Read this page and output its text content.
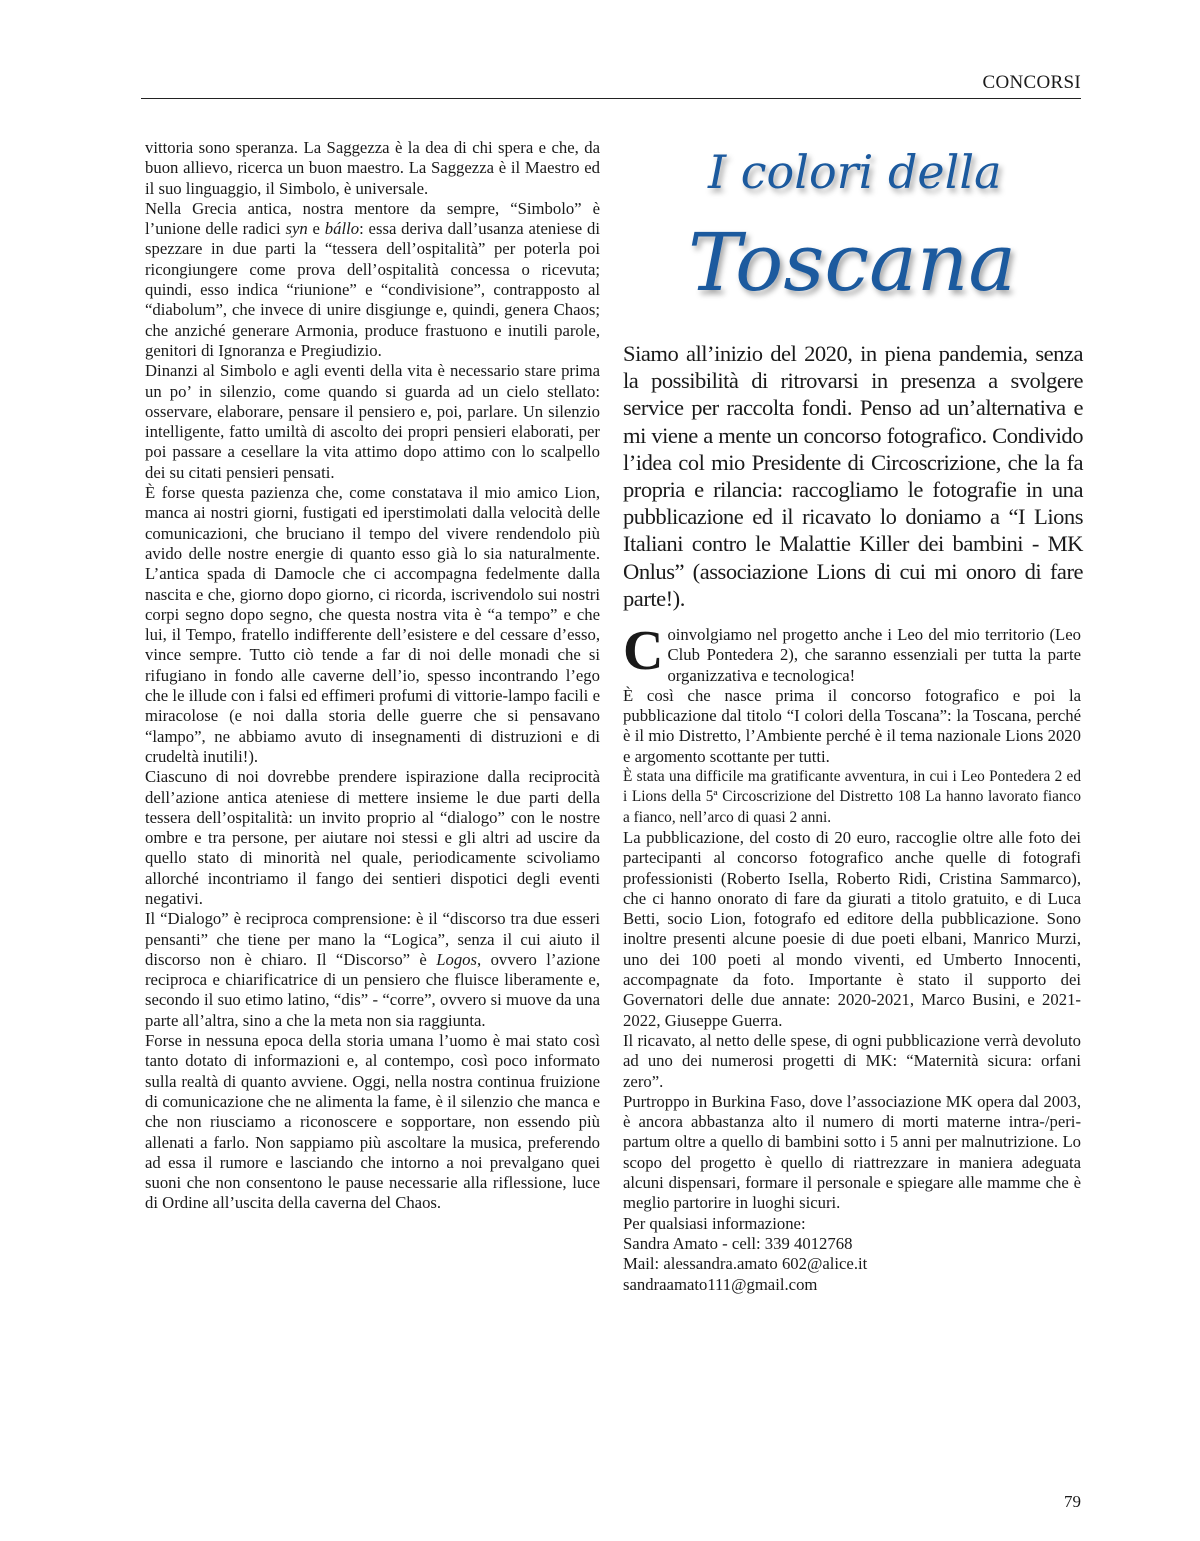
CONCORSI

vittoria sono speranza. La Saggezza è la dea di chi spera e che, da buon allievo, ricerca un buon maestro. La Saggezza è il Maestro ed il suo linguaggio, il Simbolo, è universale.

Nella Grecia antica, nostra mentore da sempre, “Simbolo” è l’unione delle radici syn e bállo: essa deriva dall’usanza ateniese di spezzare in due parti la “tessera dell’ospitalità” per poterla poi ricongiungere come prova dell’ospitalità concessa o ricevuta; quindi, esso indica “riunione” e “condivisione”, contrapposto al “diabolum”, che invece di unire disgiunge e, quindi, genera Chaos; che anziché generare Armonia, produce frastuono e inutili parole, genitori di Ignoranza e Pregiudizio.

Dinanzi al Simbolo e agli eventi della vita è necessario stare prima un po’ in silenzio, come quando si guarda ad un cielo stellato: osservare, elaborare, pensare il pensiero e, poi, parlare. Un silenzio intelligente, fatto umiltà di ascolto dei propri pensieri elaborati, per poi passare a cesellare la vita attimo dopo attimo con lo scalpello dei su citati pensieri pensati.

È forse questa pazienza che, come constatava il mio amico Lion, manca ai nostri giorni, fustigati ed iperstimolati dalla velocità delle comunicazioni, che bruciano il tempo del vivere rendendolo più avido delle nostre energie di quanto esso già lo sia naturalmente. L’antica spada di Damocle che ci accompagna fedelmente dalla nascita e che, giorno dopo giorno, ci ricorda, iscrivendolo sui nostri corpi segno dopo segno, che questa nostra vita è “a tempo” e che lui, il Tempo, fratello indifferente dell’esistere e del cessare d’esso, vince sempre. Tutto ciò tende a far di noi delle monadi che si rifugiano in fondo alle caverne dell’io, spesso incontrando l’ego che le illude con i falsi ed effimeri profumi di vittorie-lampo facili e miracolose (e noi dalla storia delle guerre che si pensavano “lampo”, ne abbiamo avuto di insegnamenti di distruzioni e di crudeltà inutili!).

Ciascuno di noi dovrebbe prendere ispirazione dalla reciprocità dell’azione antica ateniese di mettere insieme le due parti della tessera dell’ospitalità: un invito proprio al “dialogo” con le nostre ombre e tra persone, per aiutare noi stessi e gli altri ad uscire da quello stato di minorità nel quale, periodicamente scivoliamo allorché incontriamo il fango dei sentieri dispotici degli eventi negativi.

Il “Dialogo” è reciproca comprensione: è il “discorso tra due esseri pensanti” che tiene per mano la “Logica”, senza il cui aiuto il discorso non è chiaro. Il “Discorso” è Logos, ovvero l’azione reciproca e chiarificatrice di un pensiero che fluisce liberamente e, secondo il suo etimo latino, “dis” - “corre”, ovvero si muove da una parte all’altra, sino a che la meta non sia raggiunta.

Forse in nessuna epoca della storia umana l’uomo è mai stato così tanto dotato di informazioni e, al contempo, così poco informato sulla realtà di quanto avviene. Oggi, nella nostra continua fruizione di comunicazione che ne alimenta la fame, è il silenzio che manca e che non riusciamo a riconoscere e sopportare, non essendo più allenati a farlo. Non sappiamo più ascoltare la musica, preferendo ad essa il rumore e lasciando che intorno a noi prevalgano quei suoni che non consentono le pause necessarie alla riflessione, luce di Ordine all’uscita della caverna del Chaos.

I colori della
Toscana
Siamo all’inizio del 2020, in piena pandemia, senza la possibilità di ritrovarsi in presenza a svolgere service per raccolta fondi. Penso ad un’alternativa e mi viene a mente un concorso fotografico. Condivido l’idea col mio Presidente di Circoscrizione, che la fa propria e rilancia: raccogliamo le fotografie in una pubblicazione ed il ricavato lo doniamo a “I Lions Italiani contro le Malattie Killer dei bambini - MK Onlus” (associazione Lions di cui mi onoro di fare parte!).

Coinvolgiamo nel progetto anche i Leo del mio territorio (Leo Club Pontedera 2), che saranno essenziali per tutta la parte organizzativa e tecnologica!

È così che nasce prima il concorso fotografico e poi la pubblicazione dal titolo “I colori della Toscana”: la Toscana, perché è il mio Distretto, l’Ambiente perché è il tema nazionale Lions 2020 e argomento scottante per tutti.

È stata una difficile ma gratificante avventura, in cui i Leo Pontedera 2 ed i Lions della 5ª Circoscrizione del Distretto 108 La hanno lavorato fianco a fianco, nell’arco di quasi 2 anni.

La pubblicazione, del costo di 20 euro, raccoglie oltre alle foto dei partecipanti al concorso fotografico anche quelle di fotografi professionisti (Roberto Isella, Roberto Ridi, Cristina Sammarco), che ci hanno onorato di fare da giurati a titolo gratuito, e di Luca Betti, socio Lion, fotografo ed editore della pubblicazione. Sono inoltre presenti alcune poesie di due poeti elbani, Manrico Murzi, uno dei 100 poeti al mondo viventi, ed Umberto Innocenti, accompagnate da foto. Importante è stato il supporto dei Governatori delle due annate: 2020-2021, Marco Busini, e 2021-2022, Giuseppe Guerra.

Il ricavato, al netto delle spese, di ogni pubblicazione verrà devoluto ad uno dei numerosi progetti di MK: “Maternità sicura: orfani zero”.

Purtroppo in Burkina Faso, dove l’associazione MK opera dal 2003, è ancora abbastanza alto il numero di morti materne intra-/peri-partum oltre a quello di bambini sotto i 5 anni per malnutrizione. Lo scopo del progetto è quello di riattrezzare in maniera adeguata alcuni dispensari, formare il personale e spiegare alle mamme che è meglio partorire in luoghi sicuri.

Per qualsiasi informazione:

Sandra Amato - cell: 339 4012768

Mail: alessandra.amato 602@alice.it

sandraamato111@gmail.com

79
